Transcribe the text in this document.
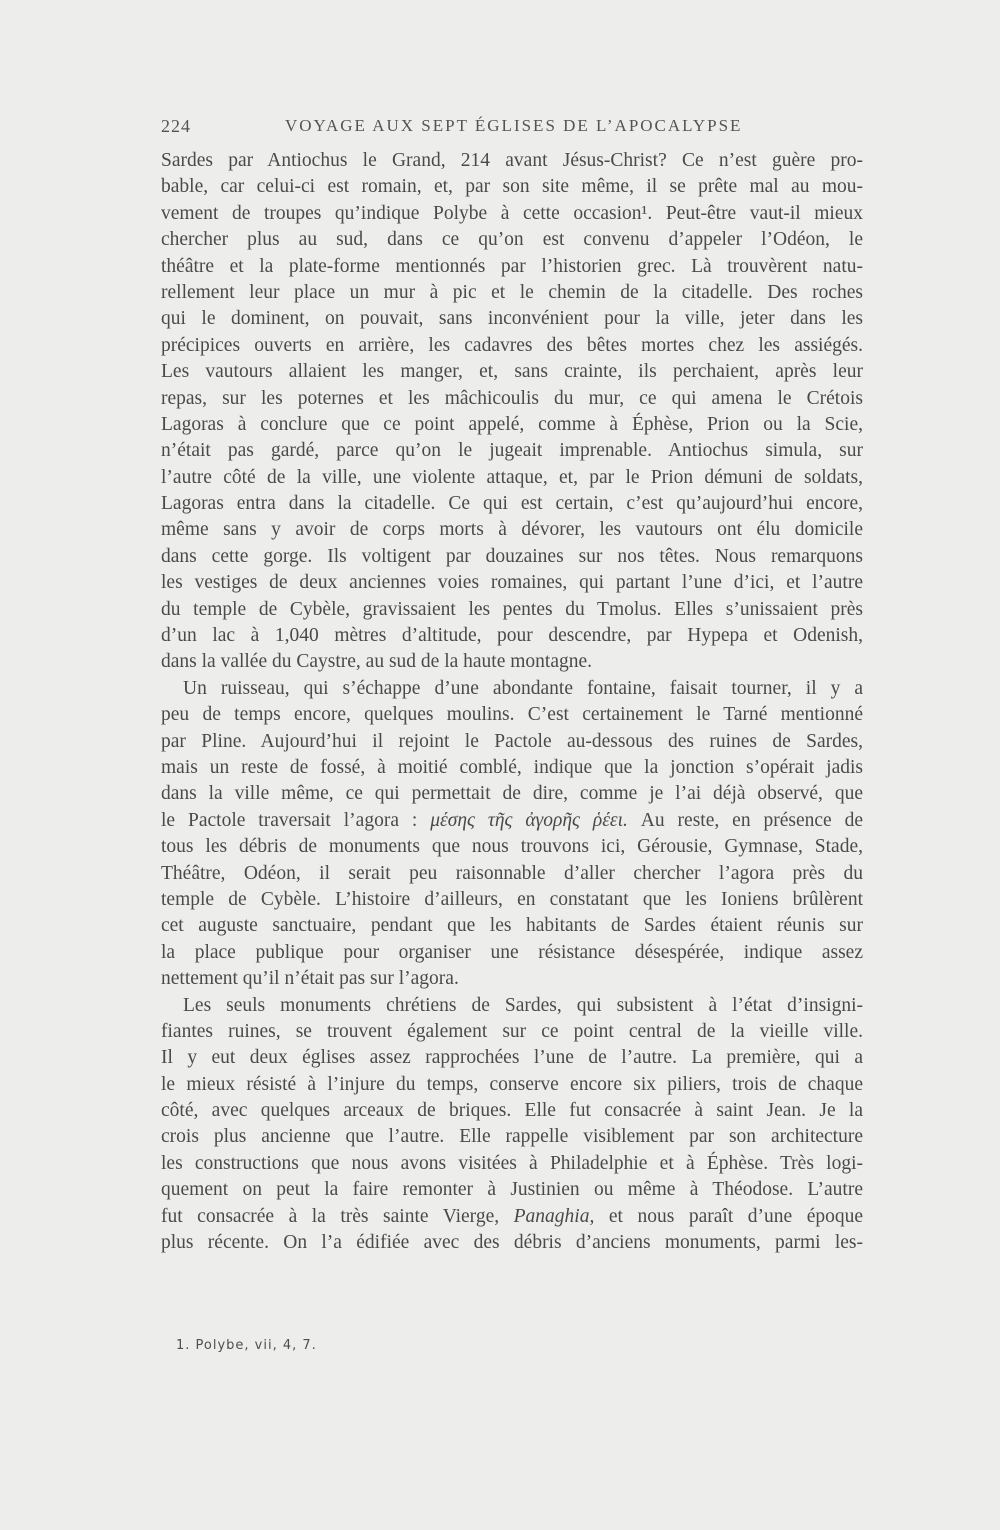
224	VOYAGE AUX SEPT ÉGLISES DE L’APOCALYPSE
Sardes par Antiochus le Grand, 214 avant Jésus-Christ? Ce n’est guère pro-
bable, car celui-ci est romain, et, par son site même, il se prête mal au mou-
vement de troupes qu’indique Polybe à cette occasion¹. Peut-être vaut-il mieux
chercher plus au sud, dans ce qu’on est convenu d’appeler l’Odéon, le
théâtre et la plate-forme mentionnés par l’historien grec. Là trouvèrent natu-
rellement leur place un mur à pic et le chemin de la citadelle. Des roches
qui le dominent, on pouvait, sans inconvénient pour la ville, jeter dans les
précipices ouverts en arrière, les cadavres des bêtes mortes chez les assiégés.
Les vautours allaient les manger, et, sans crainte, ils perchaient, après leur
repas, sur les poternes et les mâchicoulis du mur, ce qui amena le Crétois
Lagoras à conclure que ce point appelé, comme à Éphèse, Prion ou la Scie,
n’était pas gardé, parce qu’on le jugeait imprenable. Antiochus simula, sur
l’autre côté de la ville, une violente attaque, et, par le Prion démuni de soldats,
Lagoras entra dans la citadelle. Ce qui est certain, c’est qu’aujourd’hui encore,
même sans y avoir de corps morts à dévorer, les vautours ont élu domicile
dans cette gorge. Ils voltigent par douzaines sur nos têtes. Nous remarquons
les vestiges de deux anciennes voies romaines, qui partant l’une d’ici, et l’autre
du temple de Cybèle, gravissaient les pentes du Tmolus. Elles s’unissaient près
d’un lac à 1,040 mètres d’altitude, pour descendre, par Hypepa et Odenish,
dans la vallée du Caystre, au sud de la haute montagne.
Un ruisseau, qui s’échappe d’une abondante fontaine, faisait tourner, il y a
peu de temps encore, quelques moulins. C’est certainement le Tarné mentionné
par Pline. Aujourd’hui il rejoint le Pactole au-dessous des ruines de Sardes,
mais un reste de fossé, à moitié comblé, indique que la jonction s’opérait jadis
dans la ville même, ce qui permettait de dire, comme je l’ai déjà observé, que
le Pactole traversait l’agora : μέσης τῆς ἀγορῆς ῥέει. Au reste, en présence de
tous les débris de monuments que nous trouvons ici, Gérousie, Gymnase, Stade,
Théâtre, Odéon, il serait peu raisonnable d’aller chercher l’agora près du
temple de Cybèle. L’histoire d’ailleurs, en constatant que les Ioniens brûlèrent
cet auguste sanctuaire, pendant que les habitants de Sardes étaient réunis sur
la place publique pour organiser une résistance désespérée, indique assez
nettement qu’il n’était pas sur l’agora.
Les seuls monuments chrétiens de Sardes, qui subsistent à l’état d’insigni-
fiantes ruines, se trouvent également sur ce point central de la vieille ville.
Il y eut deux églises assez rapprochées l’une de l’autre. La première, qui a
le mieux résisté à l’injure du temps, conserve encore six piliers, trois de chaque
côté, avec quelques arceaux de briques. Elle fut consacrée à saint Jean. Je la
crois plus ancienne que l’autre. Elle rappelle visiblement par son architecture
les constructions que nous avons visitées à Philadelphie et à Éphèse. Très logi-
quement on peut la faire remonter à Justinien ou même à Théodose. L’autre
fut consacrée à la très sainte Vierge, Panaghia, et nous paraît d’une époque
plus récente. On l’a édifiée avec des débris d’anciens monuments, parmi les-
1. Polybe, vii, 4, 7.
